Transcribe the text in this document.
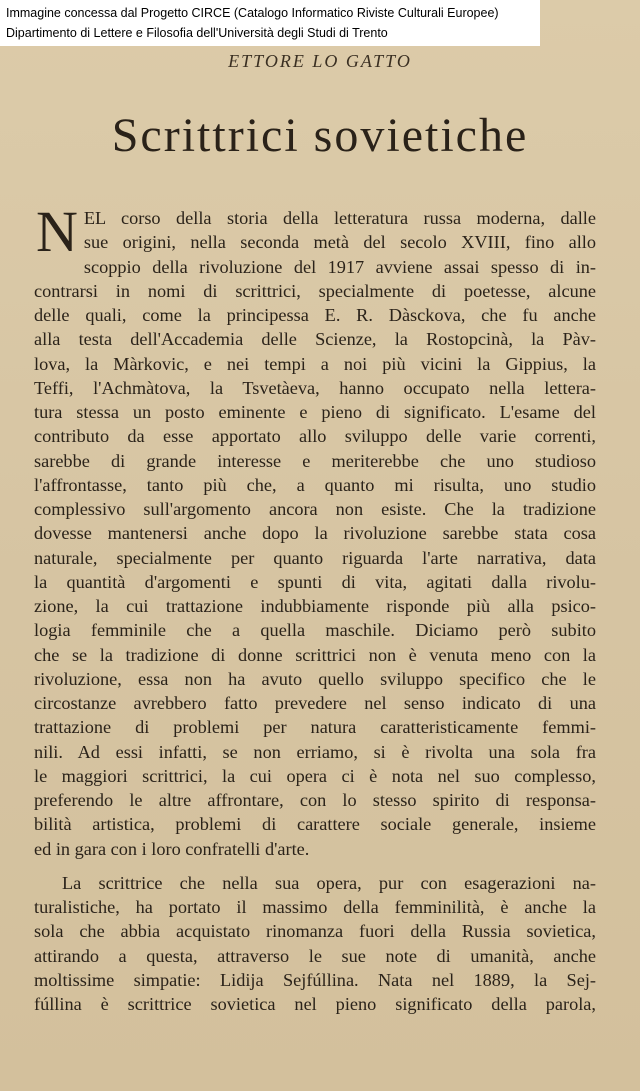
Immagine concessa dal Progetto CIRCE (Catalogo Informatico Riviste Culturali Europee)
Dipartimento di Lettere e Filosofia dell'Università degli Studi di Trento
ETTORE LO GATTO
Scrittrici sovietiche
N EL corso della storia della letteratura russa moderna, dalle
sue origini, nella seconda metà del secolo XVIII, fino allo
scoppio della rivoluzione del 1917 avviene assai spesso di in-
contrarsi in nomi di scrittrici, specialmente di poetesse, alcune
delle quali, come la principessa E. R. Dàsckova, che fu anche
alla testa dell'Accademia delle Scienze, la Rostopcinà, la Pàv-
lova, la Màrkovic, e nei tempi a noi più vicini la Gippius, la
Teffi, l'Achmàtova, la Tsvetàeva, hanno occupato nella lettera-
tura stessa un posto eminente e pieno di significato. L'esame del
contributo da esse apportato allo sviluppo delle varie correnti,
sarebbe di grande interesse e meriterebbe che uno studioso
l'affrontasse, tanto più che, a quanto mi risulta, uno studio
complessivo sull'argomento ancora non esiste. Che la tradizione
dovesse mantenersi anche dopo la rivoluzione sarebbe stata cosa
naturale, specialmente per quanto riguarda l'arte narrativa, data
la quantità d'argomenti e spunti di vita, agitati dalla rivolu-
zione, la cui trattazione indubbiamente risponde più alla psico-
logia femminile che a quella maschile. Diciamo però subito
che se la tradizione di donne scrittrici non è venuta meno con la
rivoluzione, essa non ha avuto quello sviluppo specifico che le
circostanze avrebbero fatto prevedere nel senso indicato di una
trattazione di problemi per natura caratteristicamente femmi-
nili. Ad essi infatti, se non erriamo, si è rivolta una sola fra
le maggiori scrittrici, la cui opera ci è nota nel suo complesso,
preferendo le altre affrontare, con lo stesso spirito di responsa-
bilità artistica, problemi di carattere sociale generale, insieme
ed in gara con i loro confratelli d'arte.
La scrittrice che nella sua opera, pur con esagerazioni na-
turalistiche, ha portato il massimo della femminilità, è anche la
sola che abbia acquistato rinomanza fuori della Russia sovietica,
attirando a questa, attraverso le sue note di umanità, anche
moltissime simpatie: Lidija Sejfúllina. Nata nel 1889, la Sej-
fúllina è scrittrice sovietica nel pieno significato della parola,
